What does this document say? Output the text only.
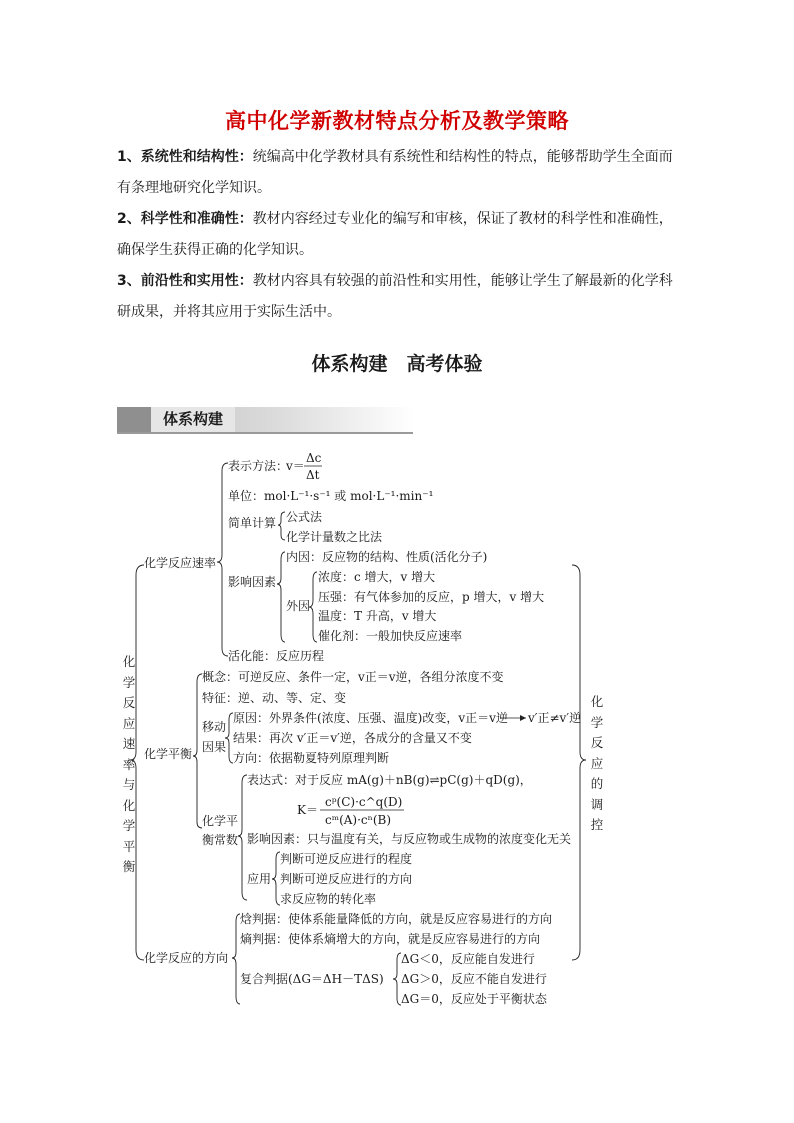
高中化学新教材特点分析及教学策略

1、系统性和结构性：统编高中化学教材具有系统性和结构性的特点，能够帮助学生全面而有条理地研究化学知识。

2、科学性和准确性：教材内容经过专业化的编写和审核，保证了教材的科学性和准确性，确保学生获得正确的化学知识。

3、前沿性和实用性：教材内容具有较强的前沿性和实用性，能够让学生了解最新的化学科研成果，并将其应用于实际生活中。

体系构建　高考体验
体系构建
化学反应速率与化学平衡
化学反应的调控
化学反应速率
表示方法：
v＝
Δc
Δt
单位：mol·L⁻¹·s⁻¹ 或 mol·L⁻¹·min⁻¹
简单计算 公式法
化学计量数之比法
影响因素
内因：反应物的结构、性质(活化分子)
外因
浓度：c 增大，v 增大
压强：有气体参加的反应，p 增大，v 增大
温度：T 升高，v 增大
催化剂：一般加快反应速率
活化能：反应历程
化学平衡
概念：可逆反应、条件一定，v正＝v逆，各组分浓度不变
特征：逆、动、等、定、变
移动
因果
原因：外界条件(浓度、压强、温度)改变，v正＝v逆 v′正≠v′逆
结果：再次 v′正＝v′逆，各成分的含量又不变
方向：依据勒夏特列原理判断
化学平
衡常数
表达式：对于反应 mA(g)＋nB(g)⇌pC(g)＋qD(g)，
K＝
cᵖ(C)·c^q(D)
cᵐ(A)·cⁿ(B)
影响因素：只与温度有关，与反应物或生成物的浓度变化无关
应用
判断可逆反应进行的程度
判断可逆反应进行的方向
求反应物的转化率
化学反应的方向
焓判据：使体系能量降低的方向，就是反应容易进行的方向
熵判据：使体系熵增大的方向，就是反应容易进行的方向
复合判据(ΔG＝ΔH－TΔS)
ΔG＜0，反应能自发进行
ΔG＞0，反应不能自发进行
ΔG＝0，反应处于平衡状态
